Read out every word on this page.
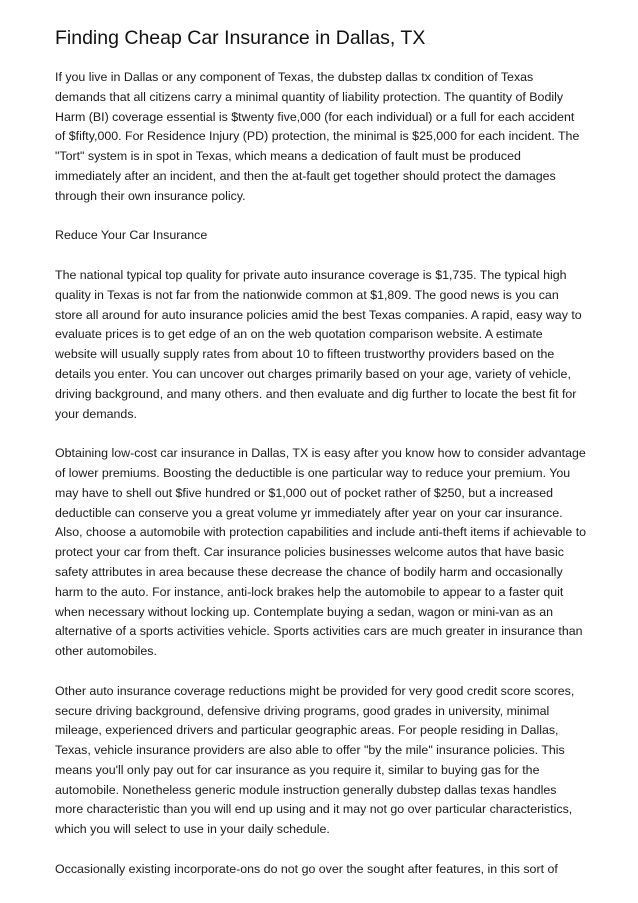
Finding Cheap Car Insurance in Dallas, TX

If you live in Dallas or any component of Texas, the dubstep dallas tx condition of Texas demands that all citizens carry a minimal quantity of liability protection. The quantity of Bodily Harm (BI) coverage essential is $twenty five,000 (for each individual) or a full for each accident of $fifty,000. For Residence Injury (PD) protection, the minimal is $25,000 for each incident. The "Tort" system is in spot in Texas, which means a dedication of fault must be produced immediately after an incident, and then the at-fault get together should protect the damages through their own insurance policy.

Reduce Your Car Insurance

The national typical top quality for private auto insurance coverage is $1,735. The typical high quality in Texas is not far from the nationwide common at $1,809. The good news is you can store all around for auto insurance policies amid the best Texas companies. A rapid, easy way to evaluate prices is to get edge of an on the web quotation comparison website. A estimate website will usually supply rates from about 10 to fifteen trustworthy providers based on the details you enter. You can uncover out charges primarily based on your age, variety of vehicle, driving background, and many others. and then evaluate and dig further to locate the best fit for your demands.

Obtaining low-cost car insurance in Dallas, TX is easy after you know how to consider advantage of lower premiums. Boosting the deductible is one particular way to reduce your premium. You may have to shell out $five hundred or $1,000 out of pocket rather of $250, but a increased deductible can conserve you a great volume yr immediately after year on your car insurance. Also, choose a automobile with protection capabilities and include anti-theft items if achievable to protect your car from theft. Car insurance policies businesses welcome autos that have basic safety attributes in area because these decrease the chance of bodily harm and occasionally harm to the auto. For instance, anti-lock brakes help the automobile to appear to a faster quit when necessary without locking up. Contemplate buying a sedan, wagon or mini-van as an alternative of a sports activities vehicle. Sports activities cars are much greater in insurance than other automobiles.

Other auto insurance coverage reductions might be provided for very good credit score scores, secure driving background, defensive driving programs, good grades in university, minimal mileage, experienced drivers and particular geographic areas. For people residing in Dallas, Texas, vehicle insurance providers are also able to offer "by the mile" insurance policies. This means you'll only pay out for car insurance as you require it, similar to buying gas for the automobile. Nonetheless generic module instruction generally dubstep dallas texas handles more characteristic than you will end up using and it may not go over particular characteristics, which you will select to use in your daily schedule.

Occasionally existing incorporate-ons do not go over the sought after features, in this sort of
